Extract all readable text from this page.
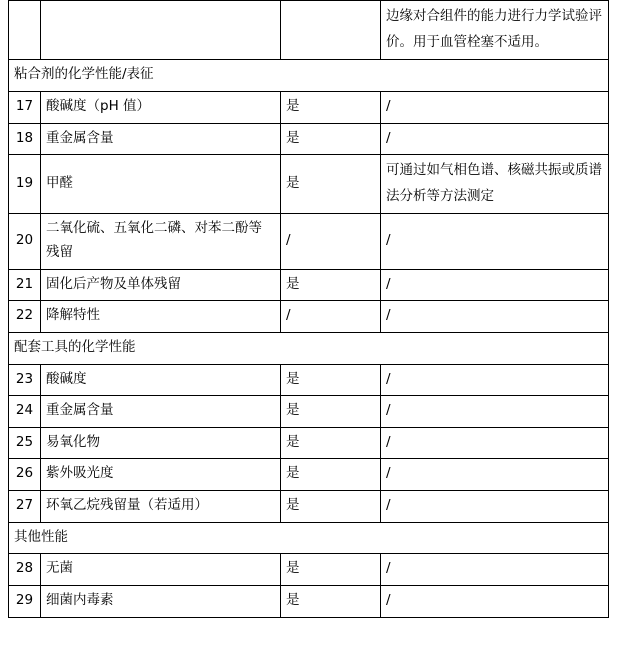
			边缘对合组件的能力进行力学试验评价。用于血管栓塞不适用。
粘合剂的化学性能/表征			
17	酸碱度（pH 值）	是	/
18	重金属含量	是	/
19	甲醛	是	可通过如气相色谱、核磁共振或质谱法分析等方法测定
20	二氧化硫、五氧化二磷、对苯二酚等残留	/	/
21	固化后产物及单体残留	是	/
22	降解特性	/	/
配套工具的化学性能			
23	酸碱度	是	/
24	重金属含量	是	/
25	易氧化物	是	/
26	紫外吸光度	是	/
27	环氧乙烷残留量（若适用）	是	/
其他性能			
28	无菌	是	/
29	细菌内毒素	是	/
